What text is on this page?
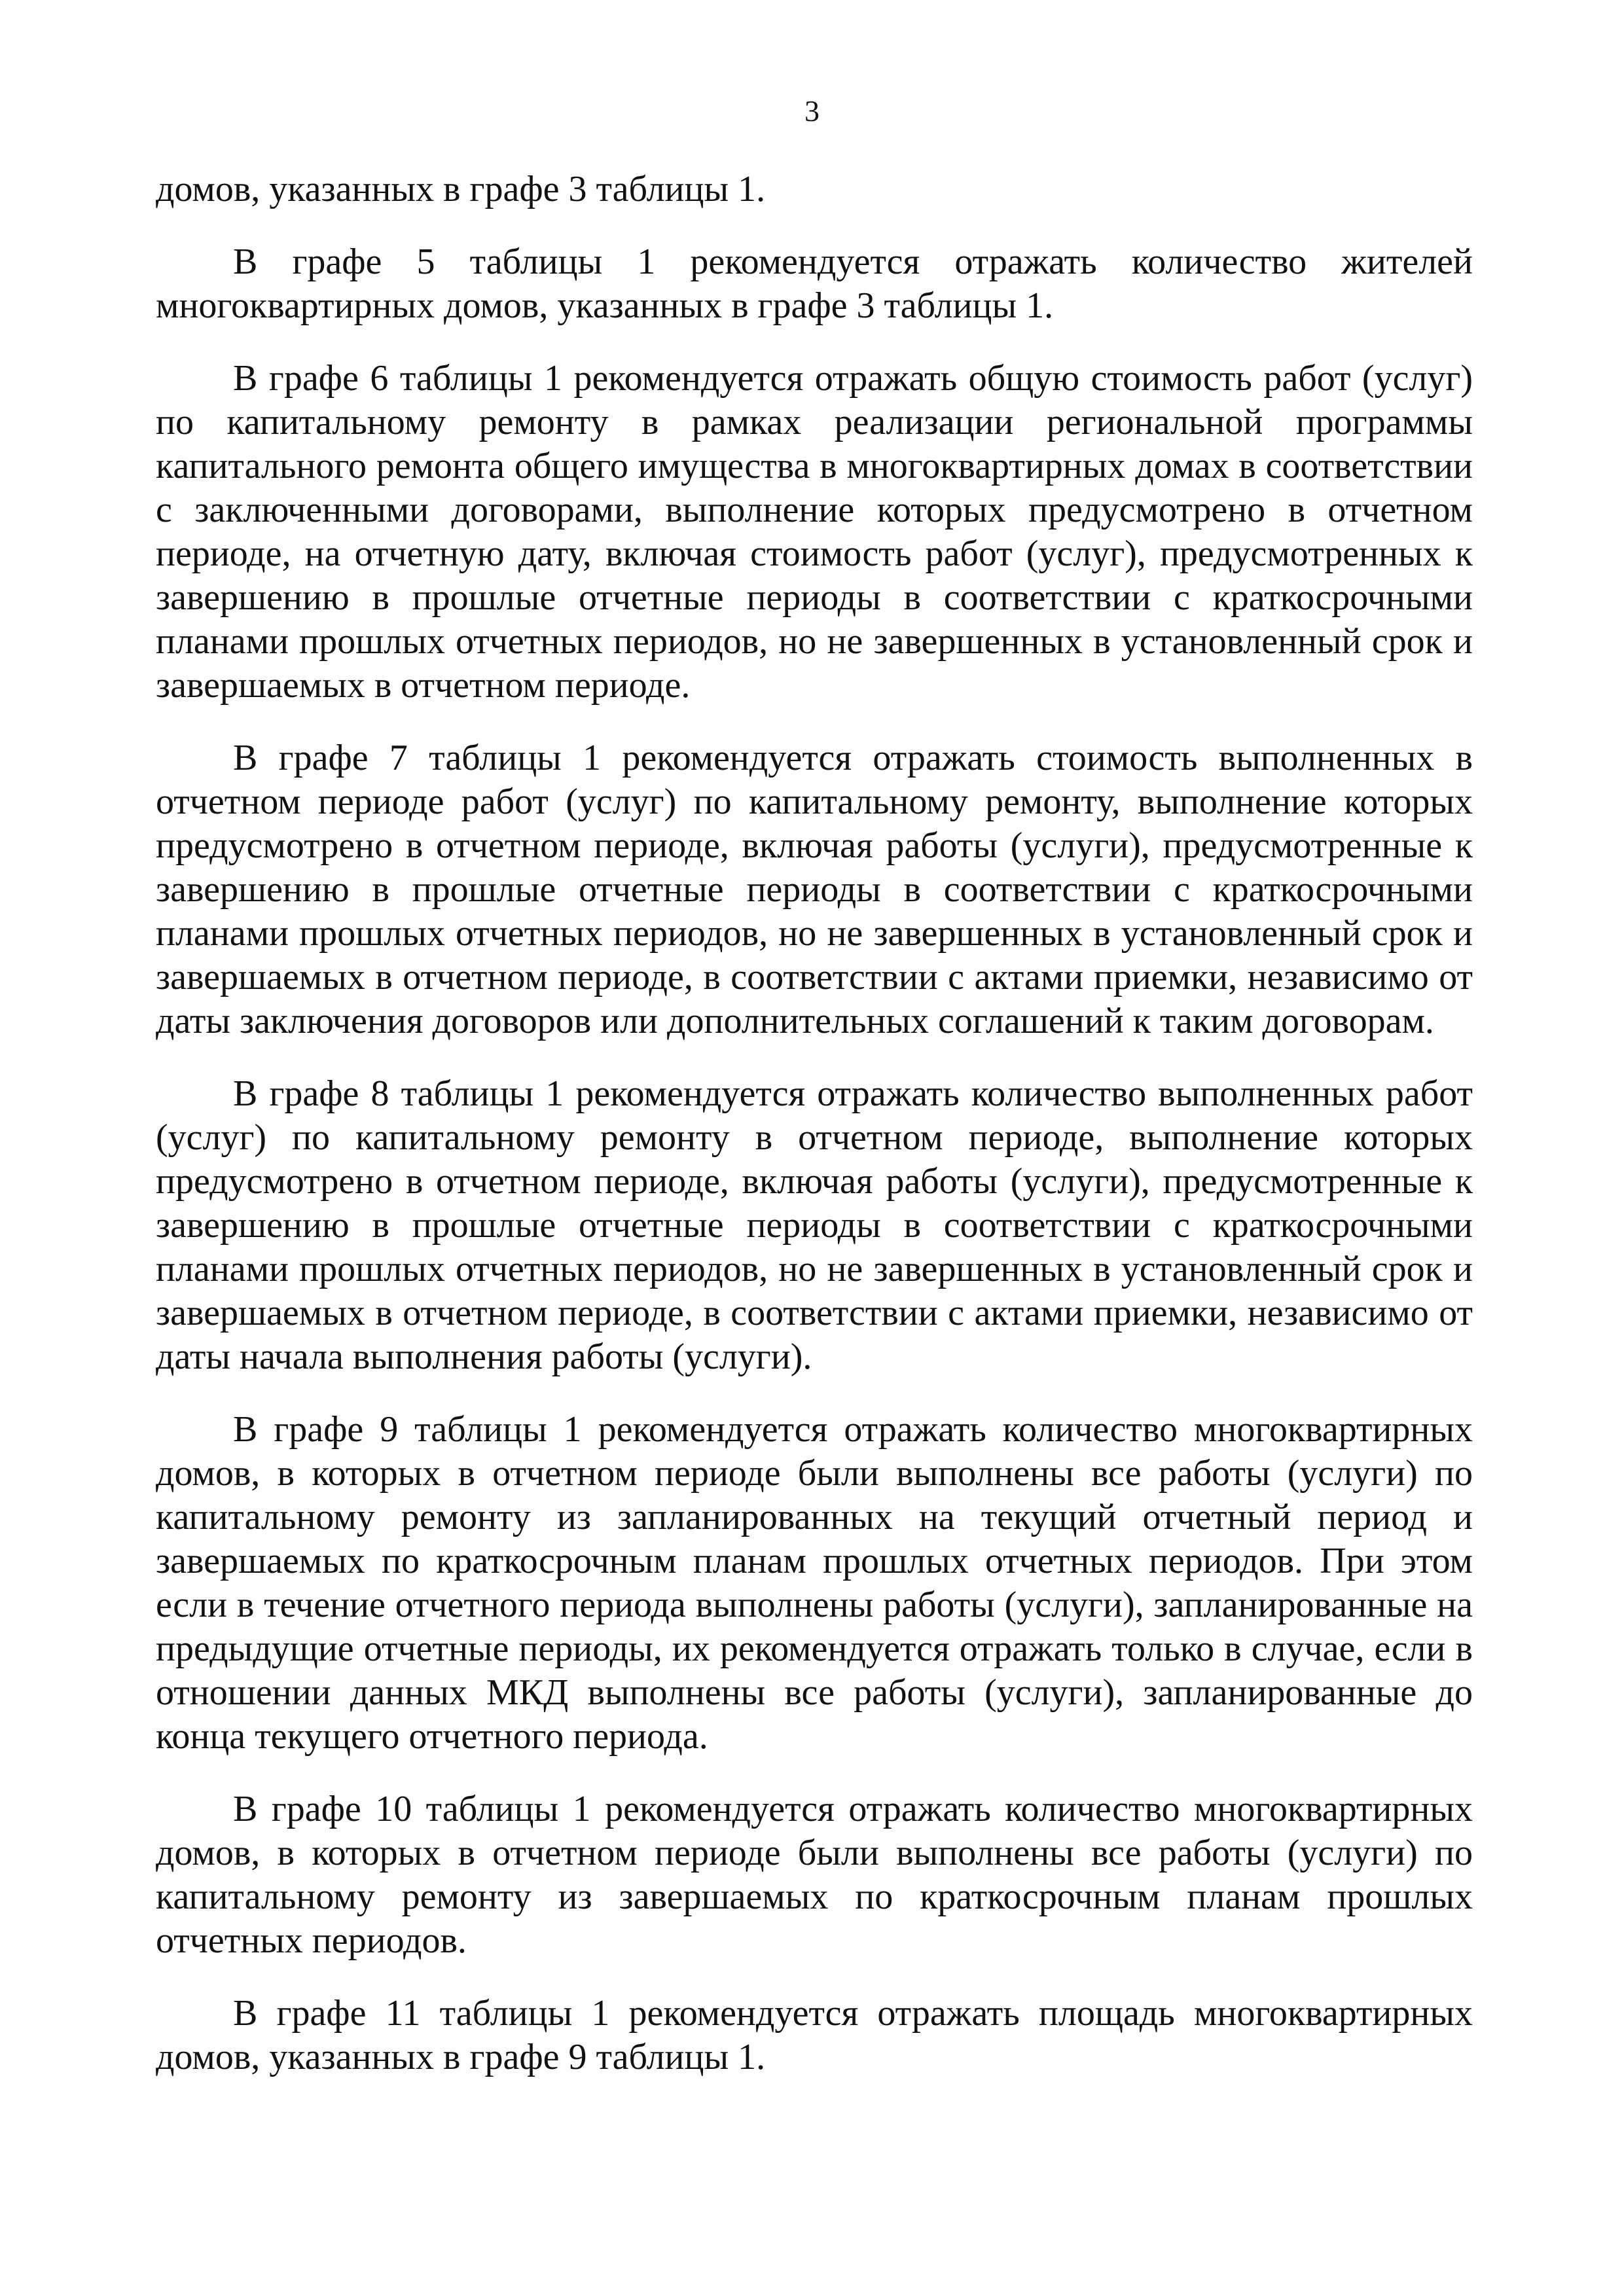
3

домов, указанных в графе 3 таблицы 1.

В графе 5 таблицы 1 рекомендуется отражать количество жителей многоквартирных домов, указанных в графе 3 таблицы 1.

В графе 6 таблицы 1 рекомендуется отражать общую стоимость работ (услуг) по капитальному ремонту в рамках реализации региональной программы капитального ремонта общего имущества в многоквартирных домах в соответствии с заключенными договорами, выполнение которых предусмотрено в отчетном периоде, на отчетную дату, включая стоимость работ (услуг), предусмотренных к завершению в прошлые отчетные периоды в соответствии с краткосрочными планами прошлых отчетных периодов, но не завершенных в установленный срок и завершаемых в отчетном периоде.

В графе 7 таблицы 1 рекомендуется отражать стоимость выполненных в отчетном периоде работ (услуг) по капитальному ремонту, выполнение которых предусмотрено в отчетном периоде, включая работы (услуги), предусмотренные к завершению в прошлые отчетные периоды в соответствии с краткосрочными планами прошлых отчетных периодов, но не завершенных в установленный срок и завершаемых в отчетном периоде, в соответствии с актами приемки, независимо от даты заключения договоров или дополнительных соглашений к таким договорам.

В графе 8 таблицы 1 рекомендуется отражать количество выполненных работ (услуг) по капитальному ремонту в отчетном периоде, выполнение которых предусмотрено в отчетном периоде, включая работы (услуги), предусмотренные к завершению в прошлые отчетные периоды в соответствии с краткосрочными планами прошлых отчетных периодов, но не завершенных в установленный срок и завершаемых в отчетном периоде, в соответствии с актами приемки, независимо от даты начала выполнения работы (услуги).

В графе 9 таблицы 1 рекомендуется отражать количество многоквартирных домов, в которых в отчетном периоде были выполнены все работы (услуги) по капитальному ремонту из запланированных на текущий отчетный период и завершаемых по краткосрочным планам прошлых отчетных периодов. При этом если в течение отчетного периода выполнены работы (услуги), запланированные на предыдущие отчетные периоды, их рекомендуется отражать только в случае, если в отношении данных МКД выполнены все работы (услуги), запланированные до конца текущего отчетного периода.

В графе 10 таблицы 1 рекомендуется отражать количество многоквартирных домов, в которых в отчетном периоде были выполнены все работы (услуги) по капитальному ремонту из завершаемых по краткосрочным планам прошлых отчетных периодов.

В графе 11 таблицы 1 рекомендуется отражать площадь многоквартирных домов, указанных в графе 9 таблицы 1.
